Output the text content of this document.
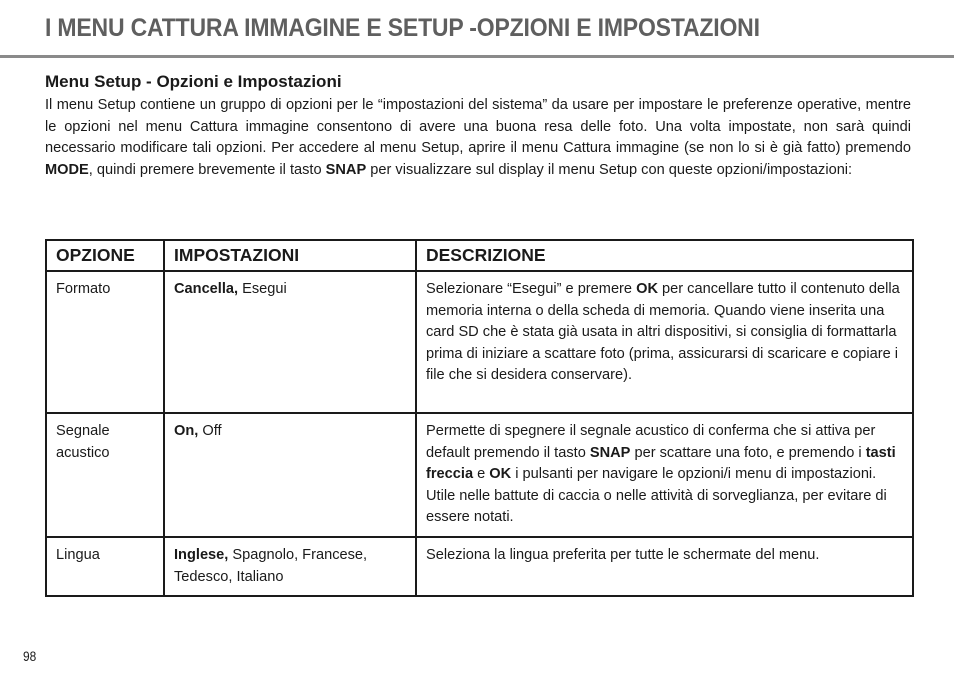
I MENU CATTURA IMMAGINE E SETUP -OPZIONI E IMPOSTAZIONI
Menu Setup - Opzioni e Impostazioni
Il menu Setup contiene un gruppo di opzioni per le “impostazioni del sistema” da usare per impostare le preferenze operative, mentre le opzioni nel menu Cattura immagine consentono di avere una buona resa delle foto. Una volta impostate, non sarà quindi necessario modificare tali opzioni. Per accedere al menu Setup, aprire il menu Cattura immagine (se non lo si è già fatto) premendo MODE, quindi premere brevemente il tasto SNAP per visualizzare sul display il menu Setup con queste opzioni/impostazioni:
OPZIONE	IMPOSTAZIONI	DESCRIZIONE
Formato	Cancella, Esegui	Selezionare “Esegui” e premere OK per cancellare tutto il contenuto della memoria interna o della scheda di memoria. Quando viene inserita una card SD che è stata già usata in altri dispositivi, si consiglia di formattarla prima di iniziare a scattare foto (prima, assicurarsi di scaricare e copiare i file che si desidera conservare).
Segnale acustico	On, Off	Permette di spegnere il segnale acustico di conferma che si attiva per default premendo il tasto SNAP per scattare una foto, e premendo i tasti freccia e OK i pulsanti per navigare le opzioni/i menu di impostazioni. Utile nelle battute di caccia o nelle attività di sorveglianza, per evitare di essere notati.
Lingua	Inglese, Spagnolo, Francese, Tedesco, Italiano	Seleziona la lingua preferita per tutte le schermate del menu.
98
